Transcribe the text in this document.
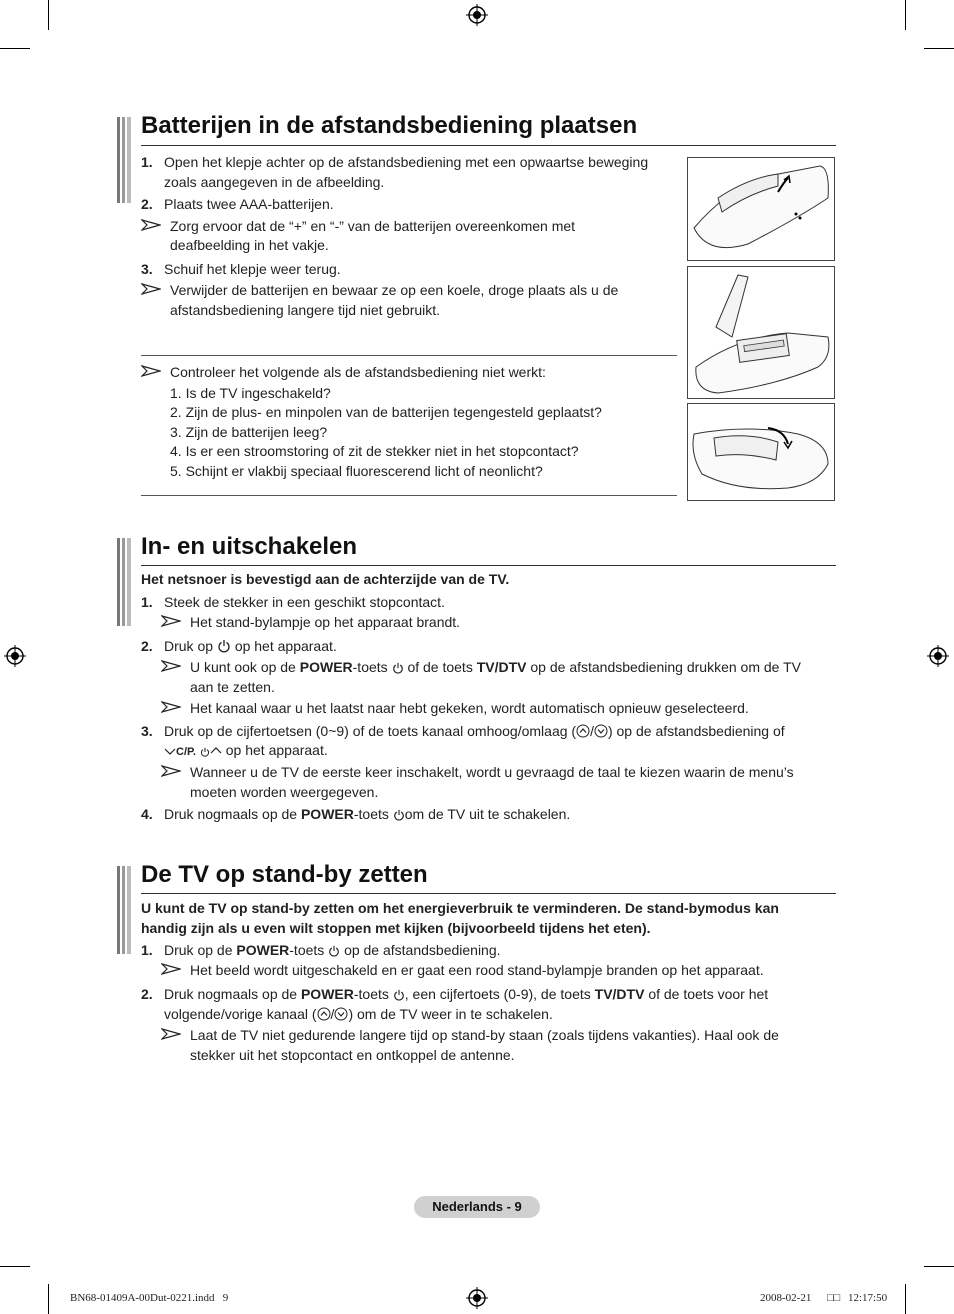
Batterijen in de afstandsbediening plaatsen
1. Open het klepje achter op de afstandsbediening met een opwaartse beweging
zoals aangegeven in de afbeelding.
2. Plaats twee AAA-batterijen.
Zorg ervoor dat de “+” en “-” van de batterijen overeenkomen met
deafbeelding in het vakje.
3. Schuif het klepje weer terug.
Verwijder de batterijen en bewaar ze op een koele, droge plaats als u de
afstandsbediening langere tijd niet gebruikt.
Controleer het volgende als de afstandsbediening niet werkt:
1. Is de TV ingeschakeld?
2. Zijn de plus- en minpolen van de batterijen tegengesteld geplaatst?
3. Zijn de batterijen leeg?
4. Is er een stroomstoring of zit de stekker niet in het stopcontact?
5. Schijnt er vlakbij speciaal fluorescerend licht of neonlicht?
In- en uitschakelen
Het netsnoer is bevestigd aan de achterzijde van de TV.
1. Steek de stekker in een geschikt stopcontact.
Het stand-bylampje op het apparaat brandt.
2. Druk op op het apparaat.
U kunt ook op de POWER-toets of de toets TV/DTV op de afstandsbediening drukken om de TV
aan te zetten.
Het kanaal waar u het laatst naar hebt gekeken, wordt automatisch opnieuw geselecteerd.
3. Druk op de cijfertoetsen (0~9) of de toets kanaal omhoog/omlaag ( / ) op de afstandsbediening of
C/P. op het apparaat.
Wanneer u de TV de eerste keer inschakelt, wordt u gevraagd de taal te kiezen waarin de menu’s
moeten worden weergegeven.
4. Druk nogmaals op de POWER-toets om de TV uit te schakelen.
De TV op stand-by zetten
U kunt de TV op stand-by zetten om het energieverbruik te verminderen. De stand-bymodus kan
handig zijn als u even wilt stoppen met kijken (bijvoorbeeld tijdens het eten).
1. Druk op de POWER-toets op de afstandsbediening.
Het beeld wordt uitgeschakeld en er gaat een rood stand-bylampje branden op het apparaat.
2. Druk nogmaals op de POWER-toets , een cijfertoets (0-9), de toets TV/DTV of de toets voor het
volgende/vorige kanaal ( / ) om de TV weer in te schakelen.
Laat de TV niet gedurende langere tijd op stand-by staan (zoals tijdens vakanties). Haal ook de
stekker uit het stopcontact en ontkoppel de antenne.
Nederlands - 9
BN68-01409A-00Dut-0221.indd   9	2008-02-21 □□ 12:17:50
